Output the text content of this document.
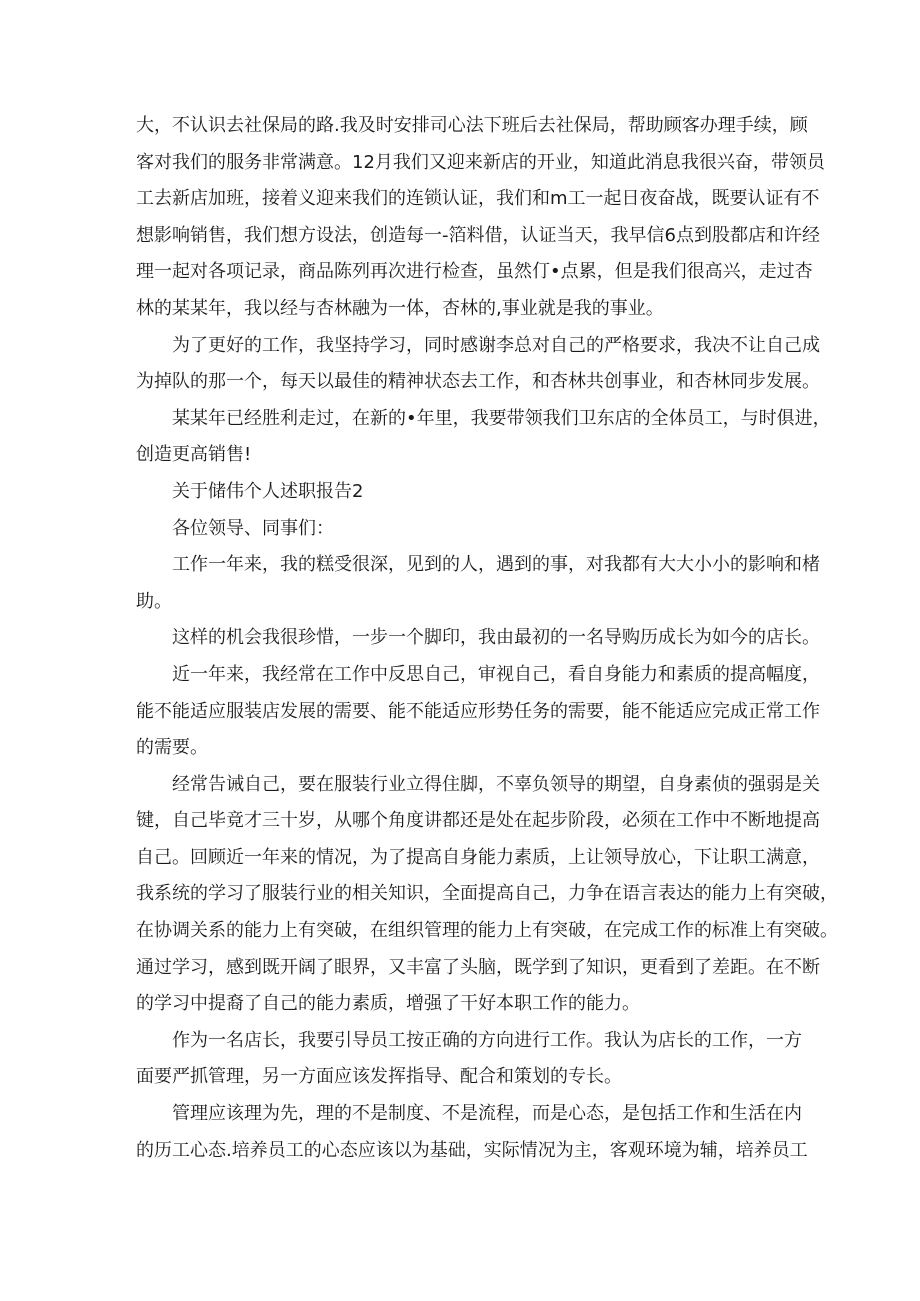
大，不认识去社保局的路.我及时安排司心法下班后去社保局，帮助顾客办理手续，顾
客对我们的服务非常满意。12月我们又迎来新店的开业，知道此消息我很兴奋，带领员
工去新店加班，接着义迎来我们的连锁认证，我们和m工一起日夜奋战，既要认证有不
想影响销售，我们想方设法，创造每一-箔料借，认证当天，我早信6点到股都店和许经
理一起对各项记录，商品陈列再次进行检查，虽然仃•点累，但是我们很高兴，走过杏
林的某某年，我以经与杏林融为一体，杏林的,事业就是我的事业。
为了更好的工作，我坚持学习，同时感谢李总对自己的严格要求，我决不让自己成
为掉队的那一个，每天以最佳的精神状态去工作，和杏林共创事业，和杏林同步发展。
某某年已经胜利走过，在新的•年里，我要带领我们卫东店的全体员工，与时俱进，
创造更高销售!
关于储伟个人述职报告2
各位领导、同事们：
工作一年来，我的糕受很深，见到的人，遇到的事，对我都有大大小小的影响和楮
助。
这样的机会我很珍惜，一步一个脚印，我由最初的一名导购历成长为如今的店长。
近一年来，我经常在工作中反思自己，审视自己，看自身能力和素质的提高幅度，
能不能适应服装店发展的需要、能不能适应形势任务的需要，能不能适应完成正常工作
的需要。
经常告诫自己，要在服装行业立得住脚，不辜负领导的期望，自身素侦的强弱是关
键，自己毕竟才三十岁，从哪个角度讲都还是处在起步阶段，必须在工作中不断地提高
自己。回顾近一年来的情况，为了提高自身能力素质，上让领导放心，下让职工满意，
我系统的学习了服装行业的相关知识，全面提高自己，力争在语言表达的能力上有突破，
在协调关系的能力上有突破，在组织管理的能力上有突破，在完成工作的标准上有突破。
通过学习，感到既开阔了眼界，又丰富了头脑，既学到了知识，更看到了差距。在不断
的学习中提裔了自己的能力素质，增强了干好本职工作的能力。
作为一名店长，我要引导员工按正确的方向进行工作。我认为店长的工作，一方
面要严抓管理，另一方面应该发挥指导、配合和策划的专长。
管理应该理为先，理的不是制度、不是流程，而是心态，是包括工作和生活在内
的历工心态.培养员工的心态应该以为基础，实际情况为主，客观环境为辅，培养员工
